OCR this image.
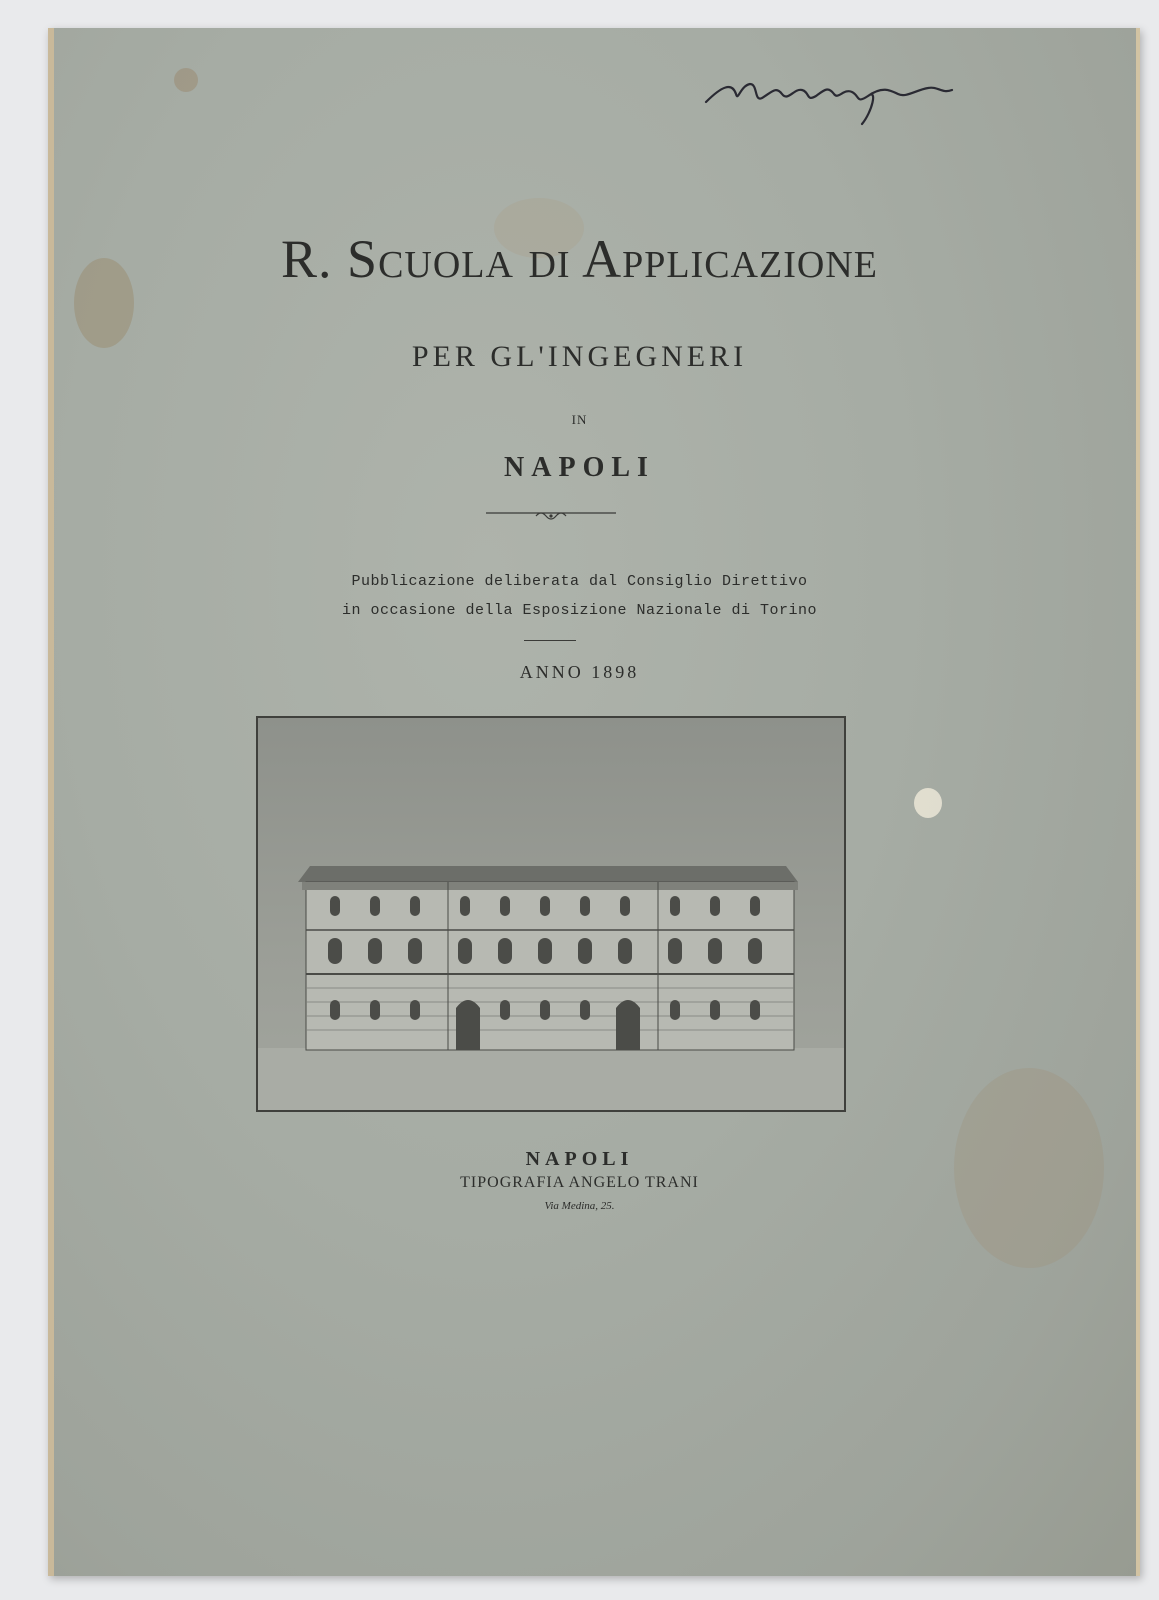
R. Scuola di Applicazione
PER GL'INGEGNERI
IN
NAPOLI
Pubblicazione deliberata dal Consiglio Direttivo
in occasione della Esposizione Nazionale di Torino
ANNO 1898
NAPOLI
TIPOGRAFIA ANGELO TRANI
Via Medina, 25.
